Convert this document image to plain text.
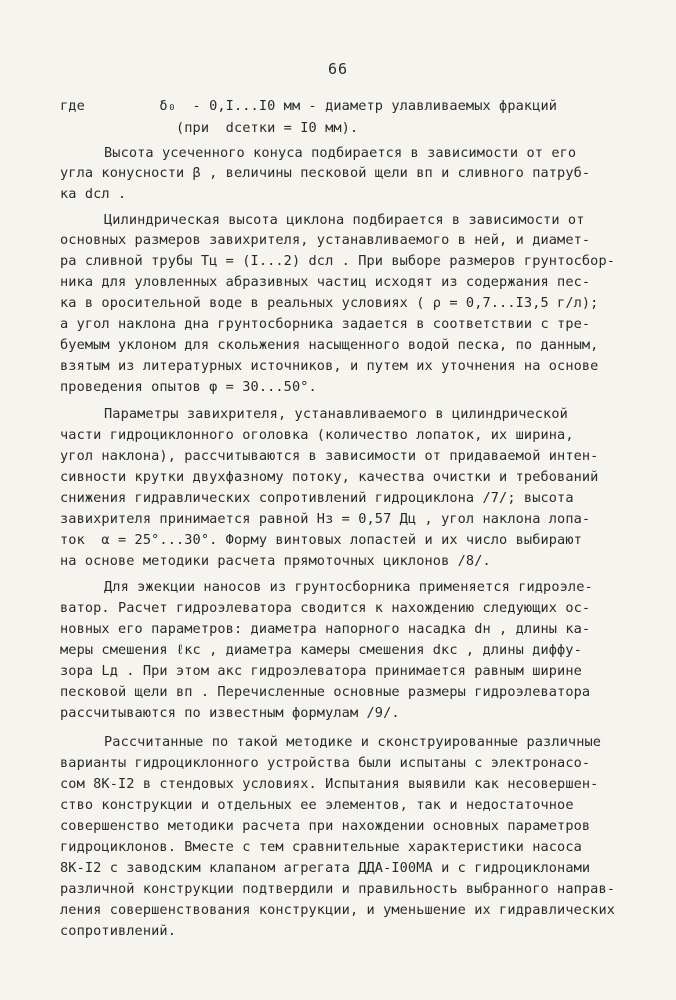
66
где         δ₀  - 0,I...I0 мм - диаметр улавливаемых фракций
(при  dсетки = I0 мм).
Высота усеченного конуса подбирается в зависимости от его
угла конусности β , величины песковой щели вп и сливного патруб-
ка dсл .
Цилиндрическая высота циклона подбирается в зависимости от
основных размеров завихрителя, устанавливаемого в ней, и диамет-
ра сливной трубы Тц = (I...2) dсл . При выборе размеров грунтосбор-
ника для уловленных абразивных частиц исходят из содержания пес-
ка в оросительной воде в реальных условиях ( ρ = 0,7...I3,5 г/л);
а угол наклона дна грунтосборника задается в соответствии с тре-
буемым уклоном для скольжения насыщенного водой песка, по данным,
взятым из литературных источников, и путем их уточнения на основе
проведения опытов φ = 30...50°.
Параметры завихрителя, устанавливаемого в цилиндрической
части гидроциклонного оголовка (количество лопаток, их ширина,
угол наклона), рассчитываются в зависимости от придаваемой интен-
сивности крутки двухфазному потоку, качества очистки и требований
снижения гидравлических сопротивлений гидроциклона /7/; высота
завихрителя принимается равной Нз = 0,57 Дц , угол наклона лопа-
ток  α = 25°...30°. Форму винтовых лопастей и их число выбирают
на основе методики расчета прямоточных циклонов /8/.
Для эжекции наносов из грунтосборника применяется гидроэле-
ватор. Расчет гидроэлеватора сводится к нахождению следующих ос-
новных его параметров: диаметра напорного насадка dн , длины ка-
меры смешения ℓкс , диаметра камеры смешения dкс , длины диффу-
зора Lд . При этом aкс гидроэлеватора принимается равным ширине
песковой щели вп . Перечисленные основные размеры гидроэлеватора
рассчитываются по известным формулам /9/.
Рассчитанные по такой методике и сконструированные различные
варианты гидроциклонного устройства были испытаны с электронасо-
сом 8К-I2 в стендовых условиях. Испытания выявили как несовершен-
ство конструкции и отдельных ее элементов, так и недостаточное
совершенство методики расчета при нахождении основных параметров
гидроциклонов. Вместе с тем сравнительные характеристики насоса
8К-I2 с заводским клапаном агрегата ДДА-I00МА и с гидроциклонами
различной конструкции подтвердили и правильность выбранного направ-
ления совершенствования конструкции, и уменьшение их гидравлических
сопротивлений.
